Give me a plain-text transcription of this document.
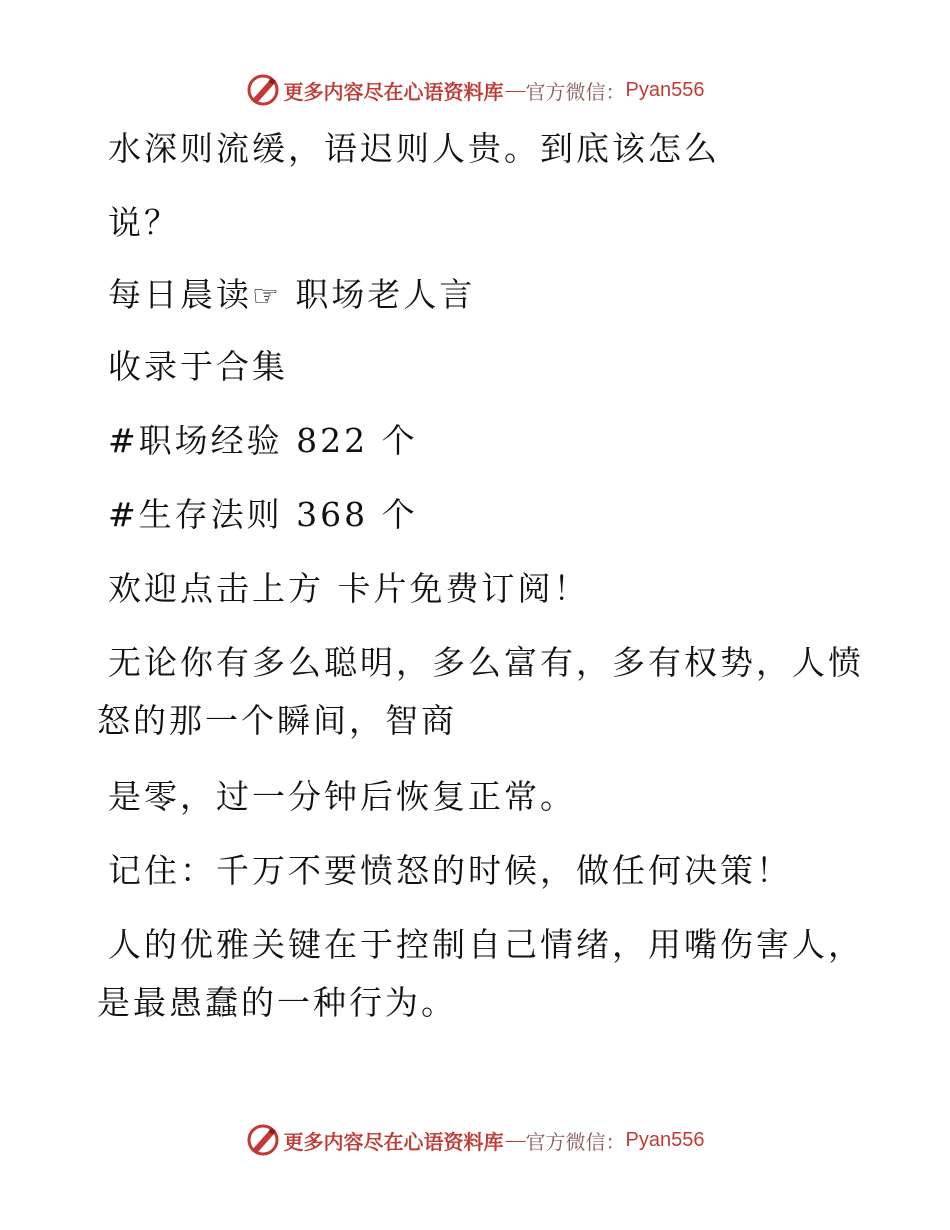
更多内容尽在心语资料库 — 官方微信： Pyan556
水深则流缓，语迟则人贵。到底该怎么
说？
每日晨读☞ 职场老人言
收录于合集
#职场经验 822 个
#生存法则 368 个
欢迎点击上方 卡片免费订阅！
无论你有多么聪明，多么富有，多有权势，人愤
怒的那一个瞬间，智商
是零，过一分钟后恢复正常。
记住：千万不要愤怒的时候，做任何决策！
人的优雅关键在于控制自己情绪，用嘴伤害人，
是最愚蠢的一种行为。
更多内容尽在心语资料库 — 官方微信： Pyan556
